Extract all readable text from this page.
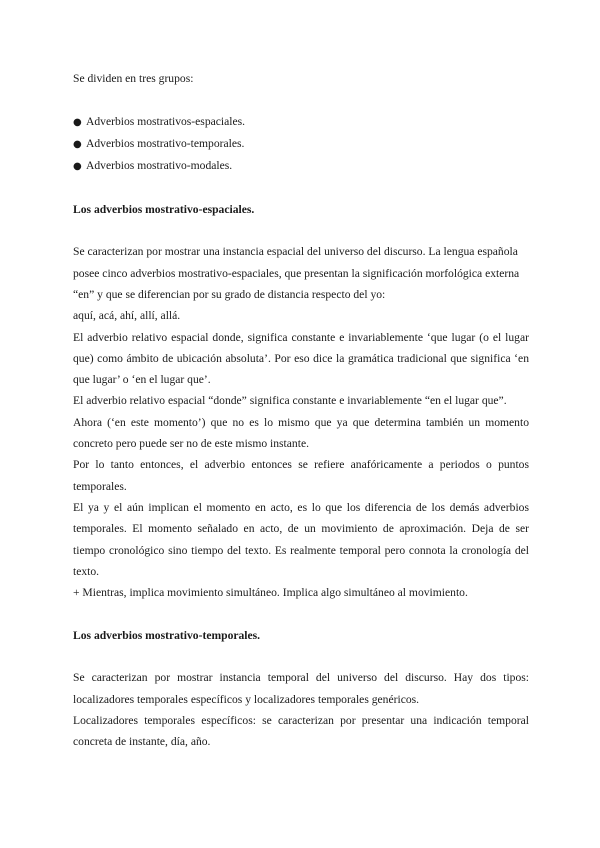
Se dividen en tres grupos:

● Adverbios mostrativos-espaciales.
● Adverbios mostrativo-temporales.
● Adverbios mostrativo-modales.
Los adverbios mostrativo-espaciales.

Se caracterizan por mostrar una instancia espacial del universo del discurso. La lengua española posee cinco adverbios mostrativo-espaciales, que presentan la significación morfológica externa “en” y que se diferencian por su grado de distancia respecto del yo:

aquí, acá, ahí, allí, allá.

El adverbio relativo espacial donde, significa constante e invariablemente ‘que lugar (o el lugar que) como ámbito de ubicación absoluta’. Por eso dice la gramática tradicional que significa ‘en que lugar’ o ‘en el lugar que’.

El adverbio relativo espacial “donde” significa constante e invariablemente “en el lugar que”.

Ahora (‘en este momento’) que no es lo mismo que ya que determina también un momento concreto pero puede ser no de este mismo instante.

Por lo tanto entonces, el adverbio entonces se refiere anafóricamente a periodos o puntos temporales.

El ya y el aún implican el momento en acto, es lo que los diferencia de los demás adverbios temporales. El momento señalado en acto, de un movimiento de aproximación. Deja de ser tiempo cronológico sino tiempo del texto. Es realmente temporal pero connota la cronología del texto.

+ Mientras, implica movimiento simultáneo. Implica algo simultáneo al movimiento.

Los adverbios mostrativo-temporales.

Se caracterizan por mostrar instancia temporal del universo del discurso. Hay dos tipos: localizadores temporales específicos y localizadores temporales genéricos.

Localizadores temporales específicos: se caracterizan por presentar una indicación temporal concreta de instante, día, año.
